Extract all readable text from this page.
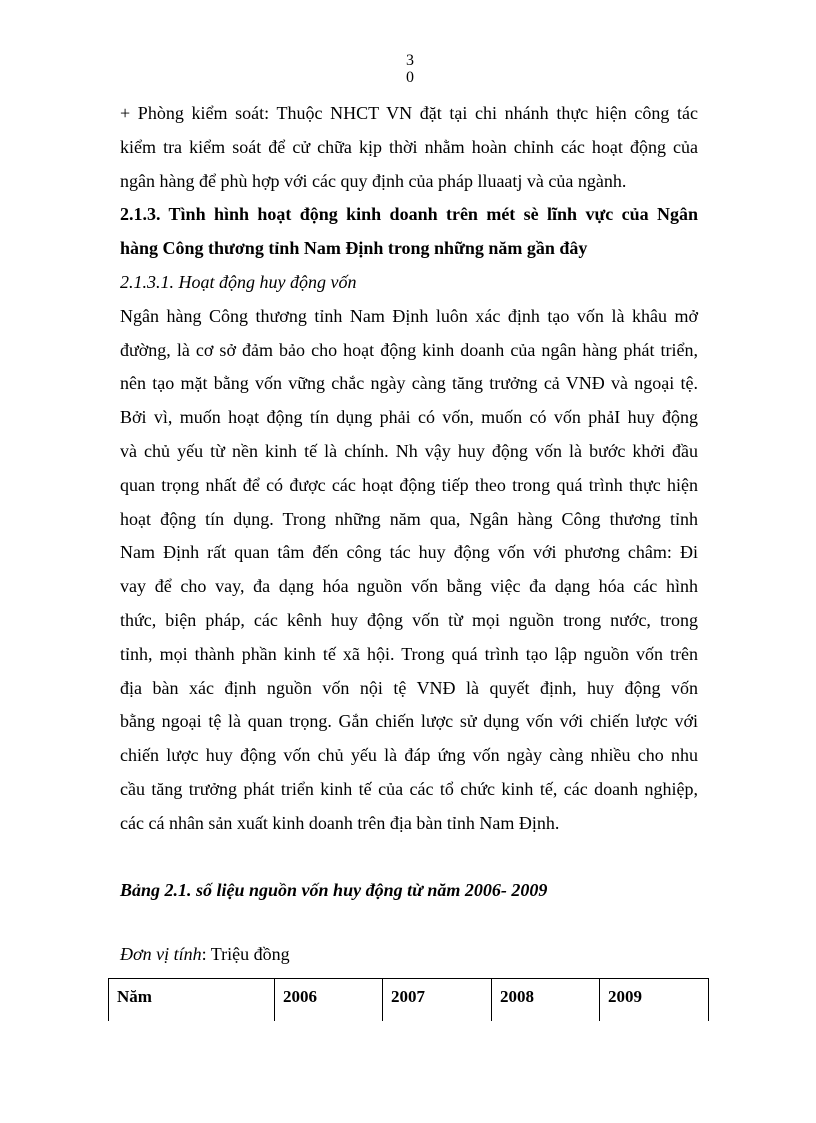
3
0
+ Phòng kiểm soát: Thuộc NHCT VN đặt tại chi nhánh thực hiện công tác
kiểm tra kiểm soát để cử chữa kịp thời nhằm hoàn chỉnh các hoạt động của
ngân hàng để phù hợp với các quy định của pháp lluaatj và của ngành.
2.1.3. Tình hình hoạt động kinh doanh trên mét sè lĩnh vực của Ngân
hàng Công thương tỉnh Nam Định trong những năm gần đây
2.1.3.1. Hoạt động huy động vốn
Ngân hàng Công thương tỉnh Nam Định luôn xác định tạo vốn là khâu mở
đường, là cơ sở đảm bảo cho hoạt động kinh doanh của ngân hàng phát triển,
nên tạo mặt bằng vốn vững chắc ngày càng tăng trưởng cả VNĐ và ngoại tệ.
Bởi vì, muốn hoạt động tín dụng phải có vốn, muốn có vốn phảI huy động
và chủ yếu từ nền kinh tế là chính. Nh vậy huy động vốn là bước khởi đầu
quan trọng nhất để có được các hoạt động tiếp theo trong quá trình thực hiện
hoạt động tín dụng. Trong những năm qua, Ngân hàng Công thương tỉnh
Nam Định rất quan tâm đến công tác huy động vốn với phương châm: Đi
vay để cho vay, đa dạng hóa nguồn vốn bằng việc đa dạng hóa các hình
thức, biện pháp, các kênh huy động vốn từ mọi nguồn trong nước, trong
tỉnh, mọi thành phần kinh tế xã hội. Trong quá trình tạo lập nguồn vốn trên
địa bàn xác định nguồn vốn nội tệ VNĐ là quyết định, huy động vốn
bằng ngoại tệ là quan trọng. Gắn chiến lược sử dụng vốn với chiến lược với
chiến lược huy động vốn chủ yếu là đáp ứng vốn ngày càng nhiều cho nhu
cầu tăng trưởng phát triển kinh tế của các tổ chức kinh tế, các doanh nghiệp,
các cá nhân sản xuất kinh doanh trên địa bàn tỉnh Nam Định.
Bảng 2.1. số liệu nguồn vốn huy động từ năm 2006- 2009
Đơn vị tính: Triệu đồng
Năm	2006	2007	2008	2009
